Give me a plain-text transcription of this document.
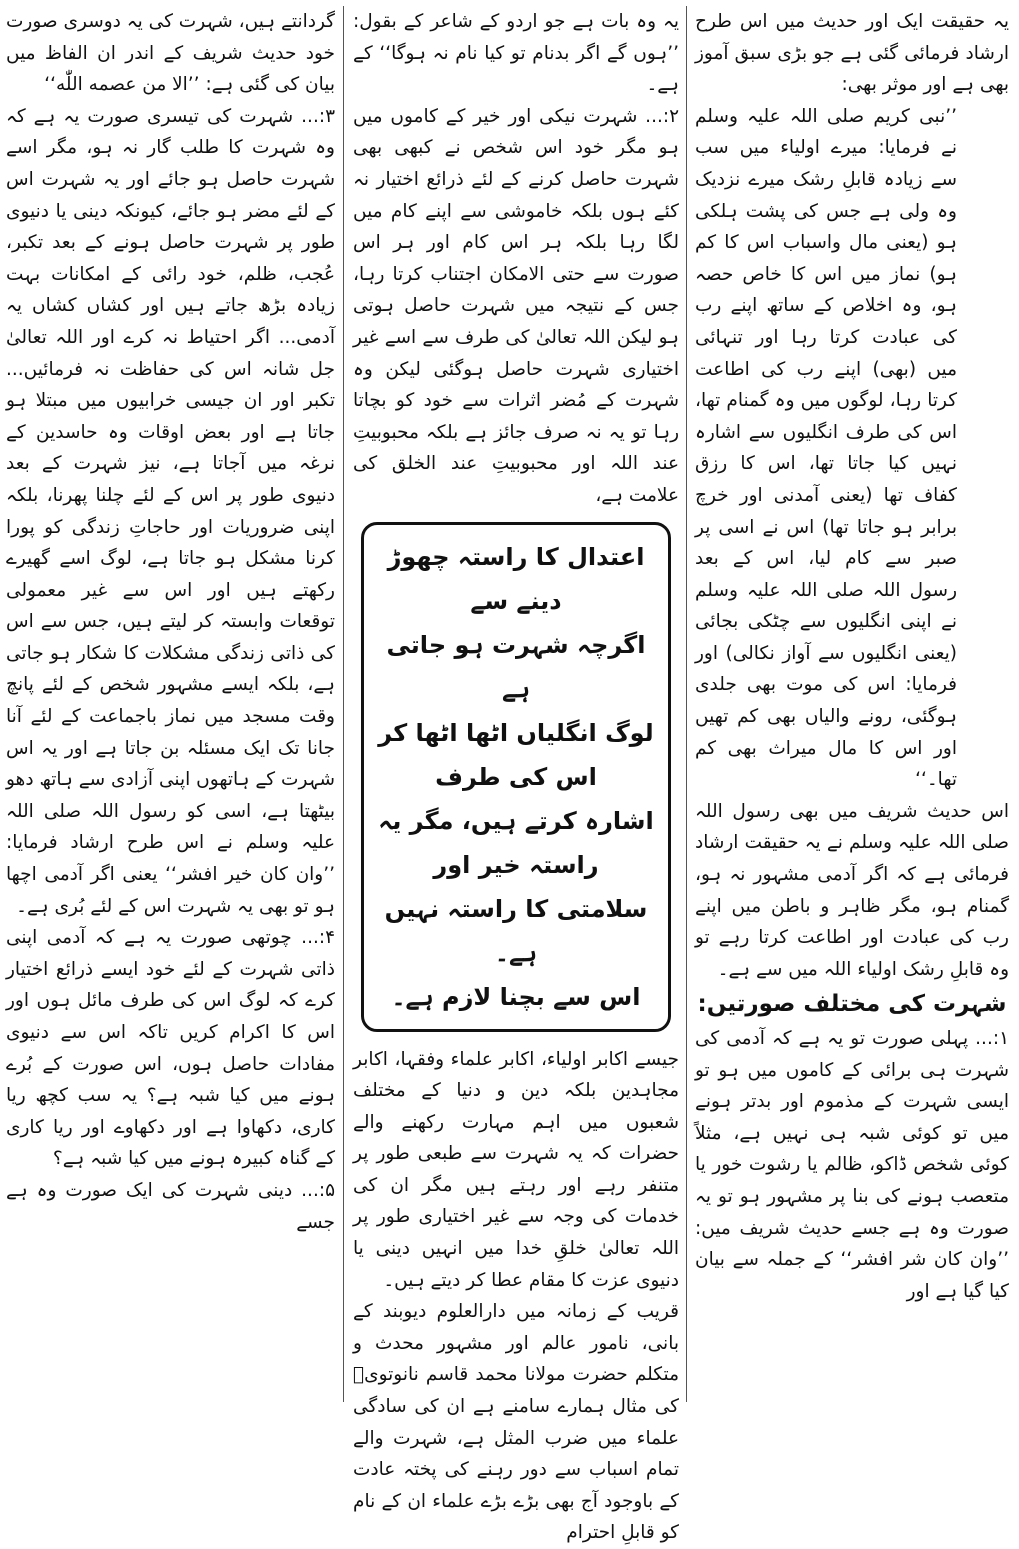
یہ حقیقت ایک اور حدیث میں اس طرح ارشاد فرمائی گئی ہے جو بڑی سبق آموز بھی ہے اور موثر بھی:

’’نبی کریم صلی اللہ علیہ وسلم نے فرمایا: میرے اولیاء میں سب سے زیادہ قابلِ رشک میرے نزدیک وہ ولی ہے جس کی پشت ہلکی ہو (یعنی مال واسباب اس کا کم ہو) نماز میں اس کا خاص حصہ ہو، وہ اخلاص کے ساتھ اپنے رب کی عبادت کرتا رہا اور تنہائی میں (بھی) اپنے رب کی اطاعت کرتا رہا، لوگوں میں وہ گمنام تھا، اس کی طرف انگلیوں سے اشارہ نہیں کیا جاتا تھا، اس کا رزق کفاف تھا (یعنی آمدنی اور خرچ برابر ہو جاتا تھا) اس نے اسی پر صبر سے کام لیا، اس کے بعد رسول اللہ صلی اللہ علیہ وسلم نے اپنی انگلیوں سے چٹکی بجائی (یعنی انگلیوں سے آواز نکالی) اور فرمایا: اس کی موت بھی جلدی ہوگئی، رونے والیاں بھی کم تھیں اور اس کا مال میراث بھی کم تھا۔‘‘

اس حدیث شریف میں بھی رسول اللہ صلی اللہ علیہ وسلم نے یہ حقیقت ارشاد فرمائی ہے کہ اگر آدمی مشہور نہ ہو، گمنام ہو، مگر ظاہر و باطن میں اپنے رب کی عبادت اور اطاعت کرتا رہے تو وہ قابلِ رشک اولیاء اللہ میں سے ہے۔

شہرت کی مختلف صورتیں:

۱:... پہلی صورت تو یہ ہے کہ آدمی کی شہرت ہی برائی کے کاموں میں ہو تو ایسی شہرت کے مذموم اور بدتر ہونے میں تو کوئی شبہ ہی نہیں ہے، مثلاً کوئی شخص ڈاکو، ظالم یا رشوت خور یا متعصب ہونے کی بنا پر مشہور ہو تو یہ صورت وہ ہے جسے حدیث شریف میں: ’’وان کان شر افشر‘‘ کے جملہ سے بیان کیا گیا ہے اور

یہ وہ بات ہے جو اردو کے شاعر کے بقول: ’’ہوں گے اگر بدنام تو کیا نام نہ ہوگا‘‘ کے ہے۔

۲:... شہرت نیکی اور خیر کے کاموں میں ہو مگر خود اس شخص نے کبھی بھی شہرت حاصل کرنے کے لئے ذرائع اختیار نہ کئے ہوں بلکہ خاموشی سے اپنے کام میں لگا رہا بلکہ ہر اس کام اور ہر اس صورت سے حتی الامکان اجتناب کرتا رہا، جس کے نتیجہ میں شہرت حاصل ہوتی ہو لیکن اللہ تعالیٰ کی طرف سے اسے غیر اختیاری شہرت حاصل ہوگئی لیکن وہ شہرت کے مُضر اثرات سے خود کو بچاتا رہا تو یہ نہ صرف جائز ہے بلکہ محبوبیتِ عند اللہ اور محبوبیتِ عند الخلق کی علامت ہے،

اعتدال کا راستہ چھوڑ دینے سے

اگرچہ شہرت ہو جاتی ہے

لوگ انگلیاں اٹھا اٹھا کر اس کی طرف

اشارہ کرتے ہیں، مگر یہ راستہ خیر اور

سلامتی کا راستہ نہیں ہے۔

اس سے بچنا لازم ہے۔

جیسے اکابر اولیاء، اکابر علماء وفقہا، اکابر مجاہدین بلکہ دین و دنیا کے مختلف شعبوں میں اہم مہارت رکھنے والے حضرات کہ یہ شہرت سے طبعی طور پر متنفر رہے اور رہتے ہیں مگر ان کی خدمات کی وجہ سے غیر اختیاری طور پر اللہ تعالیٰ خلقِ خدا میں انہیں دینی یا دنیوی عزت کا مقام عطا کر دیتے ہیں۔

قریب کے زمانہ میں دارالعلوم دیوبند کے بانی، نامور عالم اور مشہور محدث و متکلم حضرت مولانا محمد قاسم نانوتویؒ کی مثال ہمارے سامنے ہے ان کی سادگی علماء میں ضرب المثل ہے، شہرت والے تمام اسباب سے دور رہنے کی پختہ عادت کے باوجود آج بھی بڑے بڑے علماء ان کے نام کو قابلِ احترام

گردانتے ہیں، شہرت کی یہ دوسری صورت خود حدیث شریف کے اندر ان الفاظ میں بیان کی گئی ہے: ’’الا من عصمه اللّٰه‘‘

۳:... شہرت کی تیسری صورت یہ ہے کہ وہ شہرت کا طلب گار نہ ہو، مگر اسے شہرت حاصل ہو جائے اور یہ شہرت اس کے لئے مضر ہو جائے، کیونکہ دینی یا دنیوی طور پر شہرت حاصل ہونے کے بعد تکبر، عُجب، ظلم، خود رائی کے امکانات بہت زیادہ بڑھ جاتے ہیں اور کشاں کشاں یہ آدمی... اگر احتیاط نہ کرے اور اللہ تعالیٰ جل شانہ اس کی حفاظت نہ فرمائیں... تکبر اور ان جیسی خرابیوں میں مبتلا ہو جاتا ہے اور بعض اوقات وہ حاسدین کے نرغہ میں آجاتا ہے، نیز شہرت کے بعد دنیوی طور پر اس کے لئے چلنا پھرنا، بلکہ اپنی ضروریات اور حاجاتِ زندگی کو پورا کرنا مشکل ہو جاتا ہے، لوگ اسے گھیرے رکھتے ہیں اور اس سے غیر معمولی توقعات وابستہ کر لیتے ہیں، جس سے اس کی ذاتی زندگی مشکلات کا شکار ہو جاتی ہے، بلکہ ایسے مشہور شخص کے لئے پانچ وقت مسجد میں نماز باجماعت کے لئے آنا جانا تک ایک مسئلہ بن جاتا ہے اور یہ اس شہرت کے ہاتھوں اپنی آزادی سے ہاتھ دھو بیٹھتا ہے، اسی کو رسول اللہ صلی اللہ علیہ وسلم نے اس طرح ارشاد فرمایا: ’’وان کان خیر افشر‘‘ یعنی اگر آدمی اچھا ہو تو بھی یہ شہرت اس کے لئے بُری ہے۔

۴:... چوتھی صورت یہ ہے کہ آدمی اپنی ذاتی شہرت کے لئے خود ایسے ذرائع اختیار کرے کہ لوگ اس کی طرف مائل ہوں اور اس کا اکرام کریں تاکہ اس سے دنیوی مفادات حاصل ہوں، اس صورت کے بُرے ہونے میں کیا شبہ ہے؟ یہ سب کچھ ریا کاری، دکھاوا ہے اور دکھاوے اور ریا کاری کے گناہ کبیرہ ہونے میں کیا شبہ ہے؟

۵:... دینی شہرت کی ایک صورت وہ ہے جسے
